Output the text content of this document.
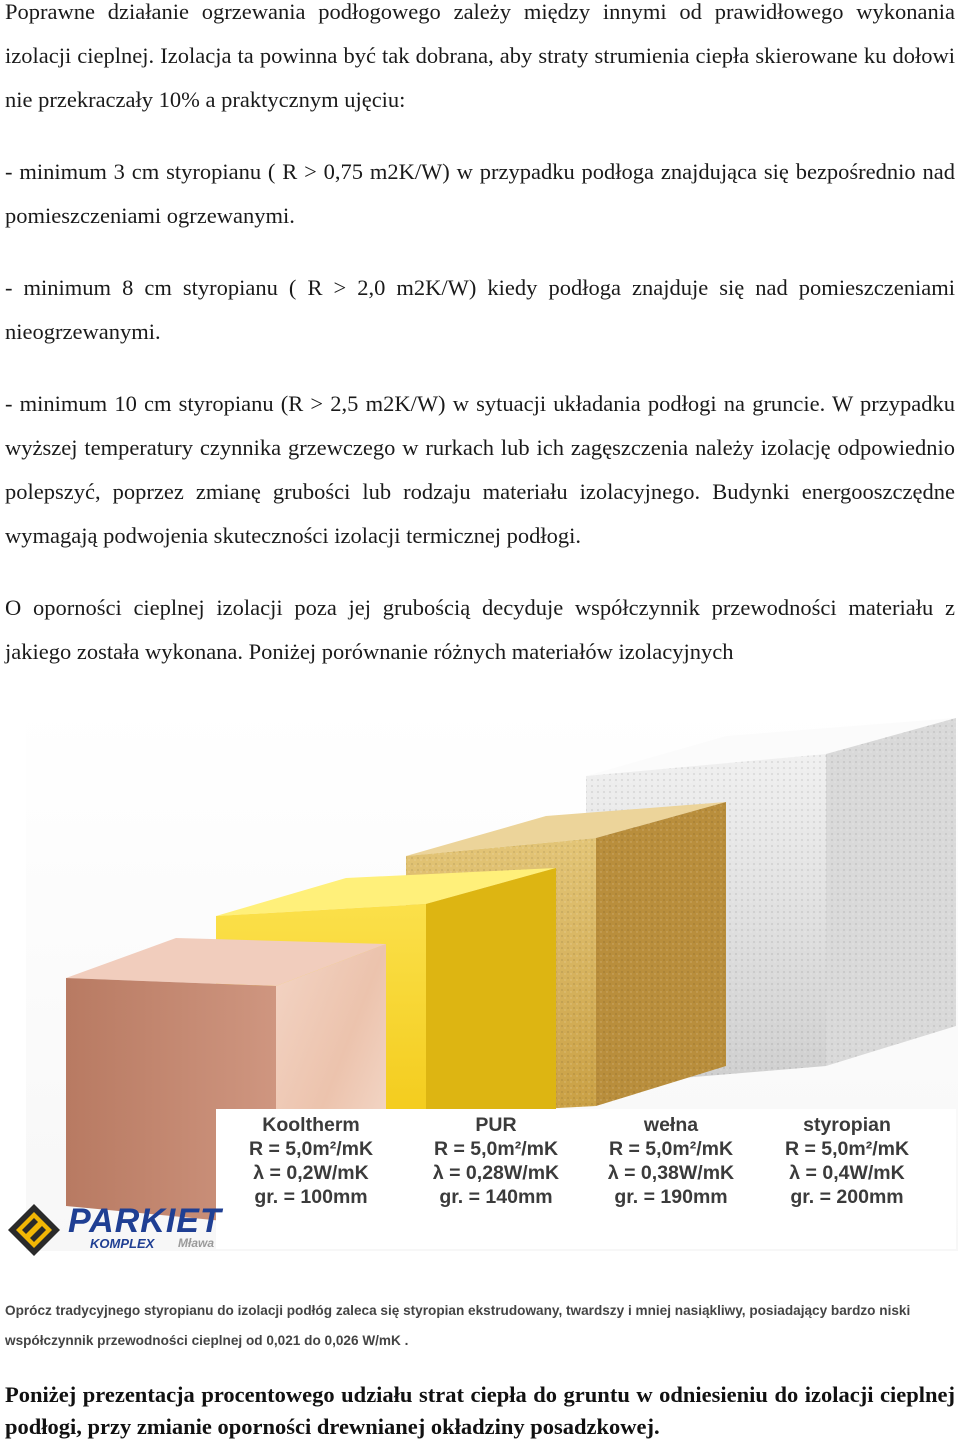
Poprawne działanie ogrzewania podłogowego zależy między innymi od prawidłowego wykonania izolacji cieplnej. Izolacja ta powinna być tak dobrana, aby straty strumienia ciepła skierowane ku dołowi nie przekraczały 10% a praktycznym ujęciu:

- minimum 3 cm styropianu ( R > 0,75 m2K/W) w przypadku podłoga znajdująca się bezpośrednio nad pomieszczeniami ogrzewanymi.

- minimum 8 cm styropianu ( R > 2,0 m2K/W) kiedy podłoga znajduje się nad pomieszczeniami nieogrzewanymi.

- minimum 10 cm styropianu (R > 2,5 m2K/W) w sytuacji układania podłogi na gruncie. W przypadku wyższej temperatury czynnika grzewczego w rurkach lub ich zagęszczenia należy izolację odpowiednio polepszyć, poprzez zmianę grubości lub rodzaju materiału izolacyjnego. Budynki energooszczędne wymagają podwojenia skuteczności izolacji termicznej podłogi.

O oporności cieplnej izolacji poza jej grubością decyduje współczynnik przewodności materiału z jakiego została wykonana. Poniżej porównanie różnych materiałów izolacyjnych

Kooltherm
R = 5,0m²/mK
λ = 0,2W/mK
gr. = 100mm
PUR
R = 5,0m²/mK
λ = 0,28W/mK
gr. = 140mm
wełna
R = 5,0m²/mK
λ = 0,38W/mK
gr. = 190mm
styropian
R = 5,0m²/mK
λ = 0,4W/mK
gr. = 200mm
PARKIET
KOMPLEX Mława

Oprócz tradycyjnego styropianu do izolacji podłóg zaleca się styropian ekstrudowany, twardszy i mniej nasiąkliwy, posiadający bardzo niski współczynnik przewodności cieplnej od 0,021 do 0,026 W/mK .

Poniżej prezentacja procentowego udziału strat ciepła do gruntu w odniesieniu do izolacji cieplnej podłogi, przy zmianie oporności drewnianej okładziny posadzkowej.
